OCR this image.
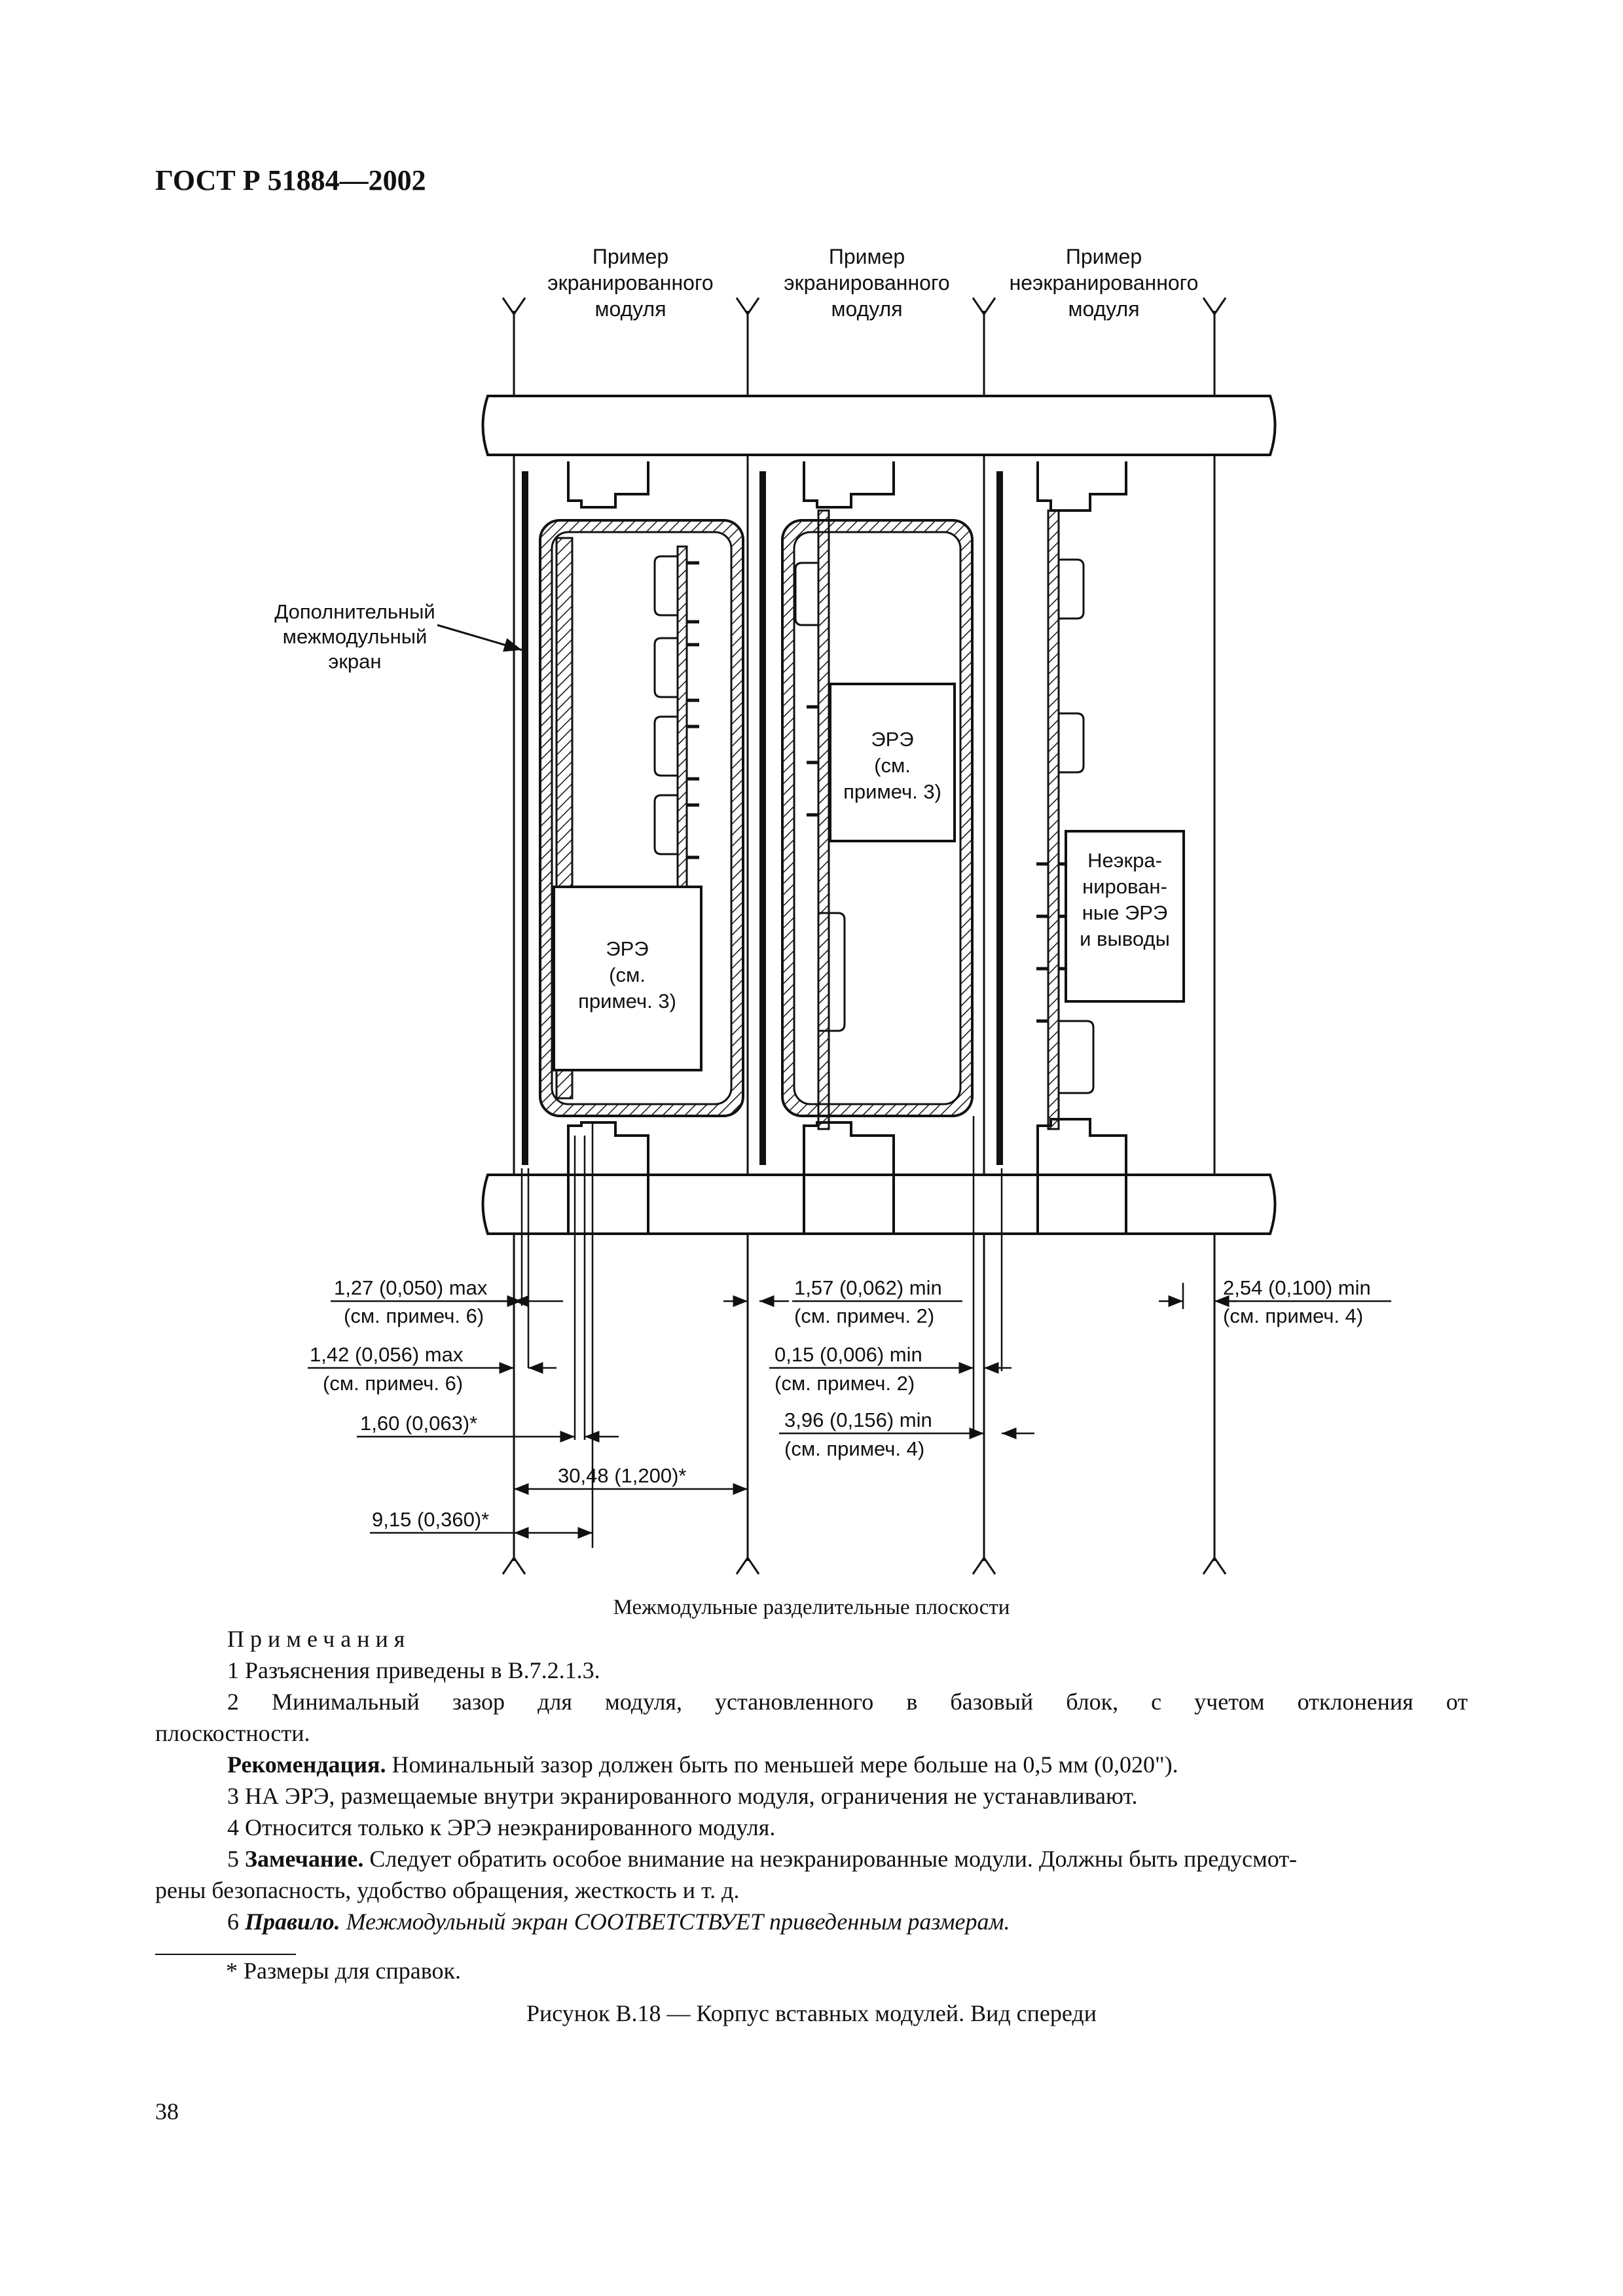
ГОСТ Р 51884—2002
Пример
экранированного
модуля
Пример
экранированного
модуля
Пример
неэкранированного
модуля
ЭРЭ
(см.
примеч. 3)
ЭРЭ
(см.
примеч. 3)
Неэкра-
нирован-
ные ЭРЭ
и выводы
Дополнительный
межмодульный
экран
1,27 (0,050) max
(см. примеч. 6)
1,42 (0,056) max
(см. примеч. 6)
1,60 (0,063)*
30,48 (1,200)*
9,15 (0,360)*
1,57 (0,062) min
(см. примеч. 2)
0,15 (0,006) min
(см. примеч. 2)
3,96 (0,156) min
(см. примеч. 4)
2,54 (0,100) min
(см. примеч. 4)
Межмодульные разделительные плоскости

Примечания

1 Разъяснения приведены в В.7.2.1.3.

2 Минимальный зазор для модуля, установленного в базовый блок, с учетом отклонения от

плоскостности.

Рекомендация. Номинальный зазор должен быть по меньшей мере больше на 0,5 мм (0,020").

3 НА ЭРЭ, размещаемые внутри экранированного модуля, ограничения не устанавливают.

4 Относится только к ЭРЭ неэкранированного модуля.

5 Замечание. Следует обратить особое внимание на неэкранированные модули. Должны быть предусмот-

рены безопасность, удобство обращения, жесткость и т. д.

6 Правило. Межмодульный экран СООТВЕТСТВУЕТ приведенным размерам.

* Размеры для справок.
Рисунок В.18 — Корпус вставных модулей. Вид спереди
38
